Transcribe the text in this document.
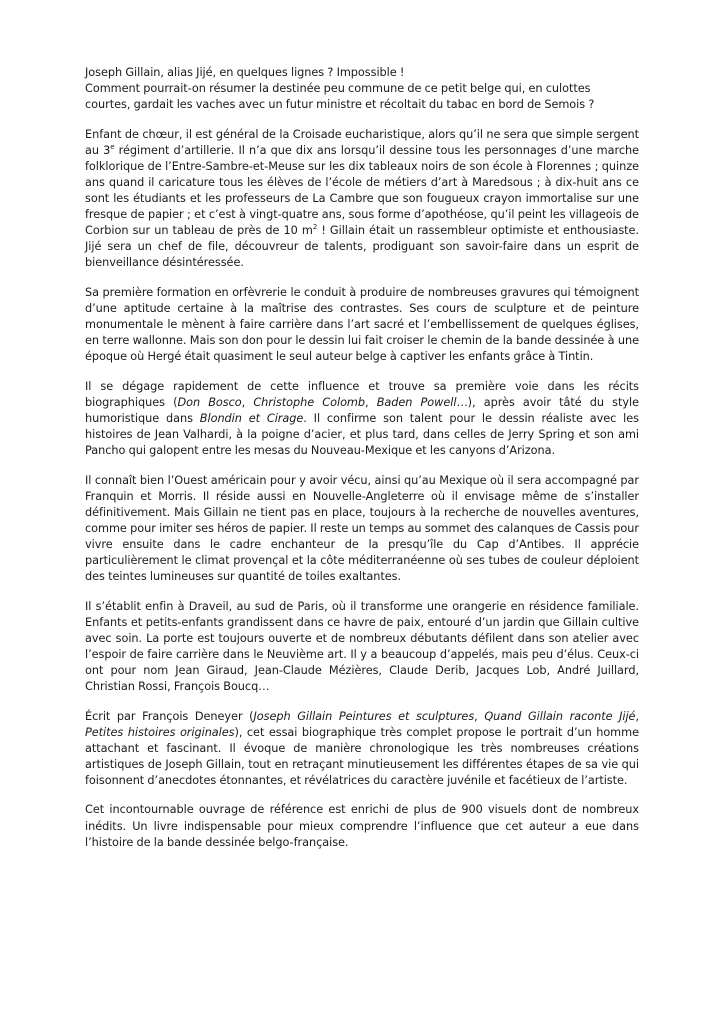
Joseph Gillain, alias Jijé, en quelques lignes ? Impossible !
Comment pourrait-on résumer la destinée peu commune de ce petit belge qui, en culottes courtes, gardait les vaches avec un futur ministre et récoltait du tabac en bord de Semois ?

Enfant de chœur, il est général de la Croisade eucharistique, alors qu’il ne sera que simple sergent au 3e régiment d’artillerie. Il n’a que dix ans lorsqu’il dessine tous les personnages d’une marche folklorique de l’Entre-Sambre-et-Meuse sur les dix tableaux noirs de son école à Florennes ; quinze ans quand il caricature tous les élèves de l’école de métiers d’art à Maredsous ; à dix-huit ans ce sont les étudiants et les professeurs de La Cambre que son fougueux crayon immortalise sur une fresque de papier ; et c’est à vingt-quatre ans, sous forme d’apothéose, qu’il peint les villageois de Corbion sur un tableau de près de 10 $m^2$ ! Gillain était un rassembleur optimiste et enthousiaste. Jijé sera un chef de file, découvreur de talents, prodiguant son savoir-faire dans un esprit de bienveillance désintéressée.

Sa première formation en orfèvrerie le conduit à produire de nombreuses gravures qui témoignent d’une aptitude certaine à la maîtrise des contrastes. Ses cours de sculpture et de peinture monumentale le mènent à faire carrière dans l’art sacré et l’embellissement de quelques églises, en terre wallonne. Mais son don pour le dessin lui fait croiser le chemin de la bande dessinée à une époque où Hergé était quasiment le seul auteur belge à captiver les enfants grâce à Tintin.

Il se dégage rapidement de cette influence et trouve sa première voie dans les récits biographiques (Don Bosco, Christophe Colomb, Baden Powell…), après avoir tâté du style humoristique dans Blondin et Cirage. Il confirme son talent pour le dessin réaliste avec les histoires de Jean Valhardi, à la poigne d’acier, et plus tard, dans celles de Jerry Spring et son ami Pancho qui galopent entre les mesas du Nouveau-Mexique et les canyons d’Arizona.

Il connaît bien l’Ouest américain pour y avoir vécu, ainsi qu’au Mexique où il sera accompagné par Franquin et Morris. Il réside aussi en Nouvelle-Angleterre où il envisage même de s’installer définitivement. Mais Gillain ne tient pas en place, toujours à la recherche de nouvelles aventures, comme pour imiter ses héros de papier. Il reste un temps au sommet des calanques de Cassis pour vivre ensuite dans le cadre enchanteur de la presqu’île du Cap d’Antibes. Il apprécie particulièrement le climat provençal et la côte méditerranéenne où ses tubes de couleur déploient des teintes lumineuses sur quantité de toiles exaltantes.

Il s’établit enfin à Draveil, au sud de Paris, où il transforme une orangerie en résidence familiale. Enfants et petits-enfants grandissent dans ce havre de paix, entouré d’un jardin que Gillain cultive avec soin. La porte est toujours ouverte et de nombreux débutants défilent dans son atelier avec l’espoir de faire carrière dans le Neuvième art. Il y a beaucoup d’appelés, mais peu d’élus. Ceux-ci ont pour nom Jean Giraud, Jean-Claude Mézières, Claude Derib, Jacques Lob, André Juillard, Christian Rossi, François Boucq…

Écrit par François Deneyer (Joseph Gillain Peintures et sculptures, Quand Gillain raconte Jijé, Petites histoires originales), cet essai biographique très complet propose le portrait d’un homme attachant et fascinant. Il évoque de manière chronologique les très nombreuses créations artistiques de Joseph Gillain, tout en retraçant minutieusement les différentes étapes de sa vie qui foisonnent d’anecdotes étonnantes, et révélatrices du caractère juvénile et facétieux de l’artiste.

Cet incontournable ouvrage de référence est enrichi de plus de 900 visuels dont de nombreux inédits. Un livre indispensable pour mieux comprendre l’influence que cet auteur a eue dans l’histoire de la bande dessinée belgo-française.
